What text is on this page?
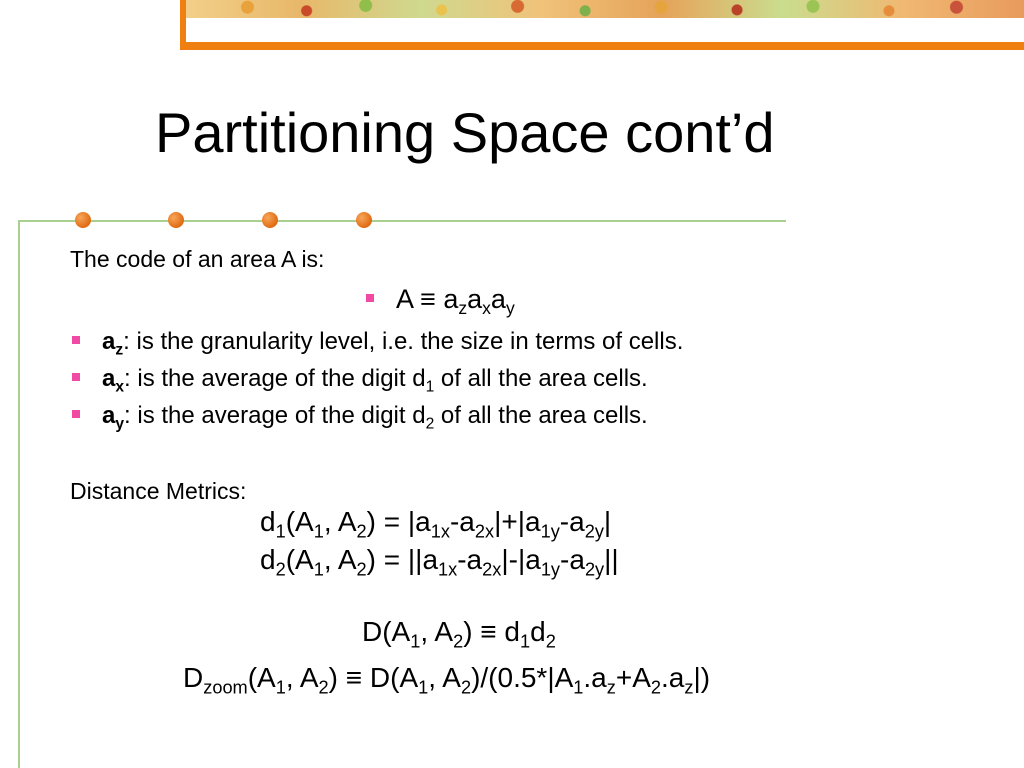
Partitioning Space cont’d
The code of an area A is:
$A \equiv a_za_xa_y$
$a_z$: is the granularity level, i.e. the size in terms of cells.
$a_x$: is the average of the digit $d_1$ of all the area cells.
$a_y$: is the average of the digit $d_2$ of all the area cells.
Distance Metrics:
$d_1(A_1$, $A_2) = |a_{1x}-a_{2x}|+|a_{1y}-a_{2y}|$
$d_2(A_1$, $A_2) = ||a_{1x}-a_{2x}|-|a_{1y}-a_{2y}||$
$D(A_1$, $A_2) \equiv d_1d_2$
$D_{zoom}(A_1$, $A_2) \equiv D(A_1$, $A_2)/(0.5*|A_1.a_z+A_2.a_z|)$
